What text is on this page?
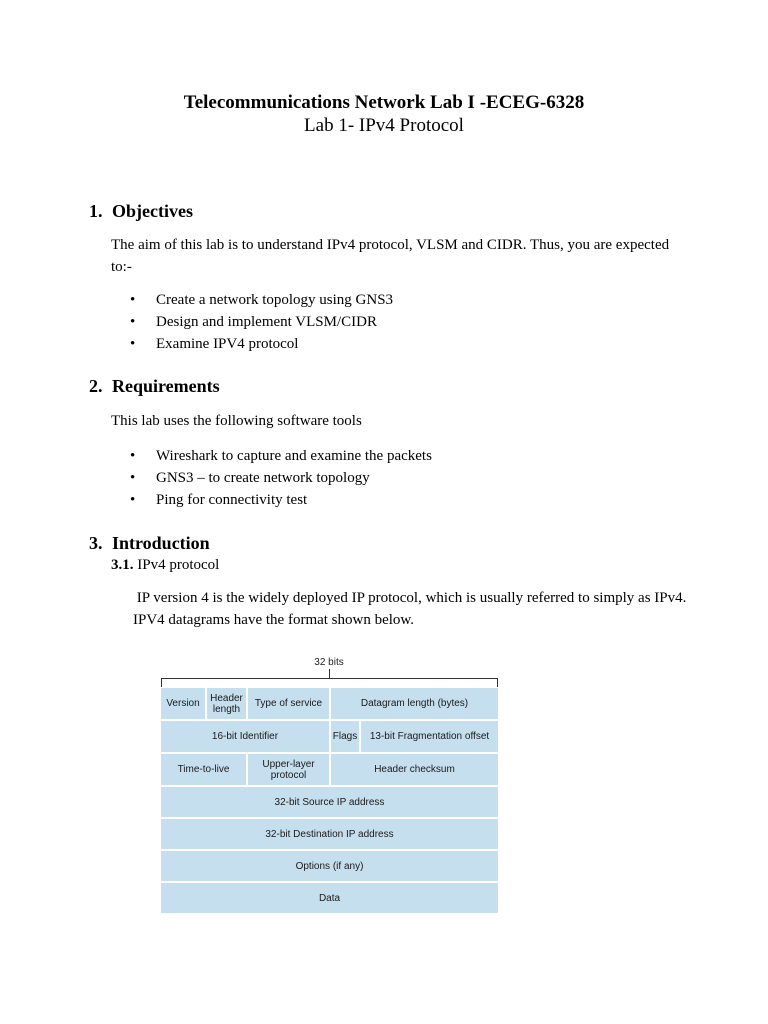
Telecommunications Network Lab I -ECEG-6328
Lab 1- IPv4 Protocol
1. Objectives
The aim of this lab is to understand IPv4 protocol, VLSM and CIDR. Thus, you are expected to:-
• Create a network topology using GNS3
• Design and implement VLSM/CIDR
• Examine IPV4 protocol
2. Requirements
This lab uses the following software tools
• Wireshark to capture and examine the packets
• GNS3 – to create network topology
• Ping for connectivity test
3. Introduction
3.1. IPv4 protocol
IP version 4 is the widely deployed IP protocol, which is usually referred to simply as IPv4. IPV4 datagrams have the format shown below.
32 bits
Version	Header length	Type of service	Datagram length (bytes)
16-bit Identifier	Flags	13-bit Fragmentation offset
Time-to-live	Upper-layer protocol	Header checksum
32-bit Source IP address
32-bit Destination IP address
Options (if any)
Data
